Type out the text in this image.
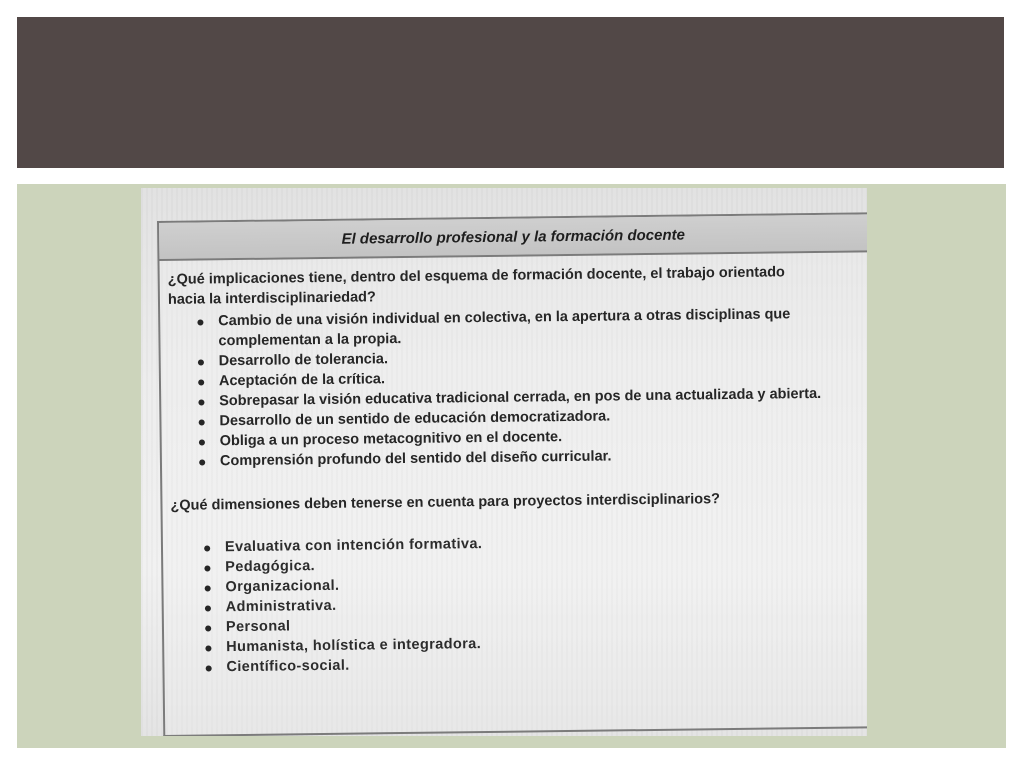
El desarrollo profesional y la formación docente

¿Qué implicaciones tiene, dentro del esquema de formación docente, el trabajo orientado hacia la interdisciplinariedad?

● Cambio de una visión individual en colectiva, en la apertura a otras disciplinas que complementan a la propia.
● Desarrollo de tolerancia.
● Aceptación de la crítica.
● Sobrepasar la visión educativa tradicional cerrada, en pos de una actualizada y abierta.
● Desarrollo de un sentido de educación democratizadora.
● Obliga a un proceso metacognitivo en el docente.
● Comprensión profundo del sentido del diseño curricular.

¿Qué dimensiones deben tenerse en cuenta para proyectos interdisciplinarios?

● Evaluativa con intención formativa.
● Pedagógica.
● Organizacional.
● Administrativa.
● Personal
● Humanista, holística e integradora.
● Científico-social.
